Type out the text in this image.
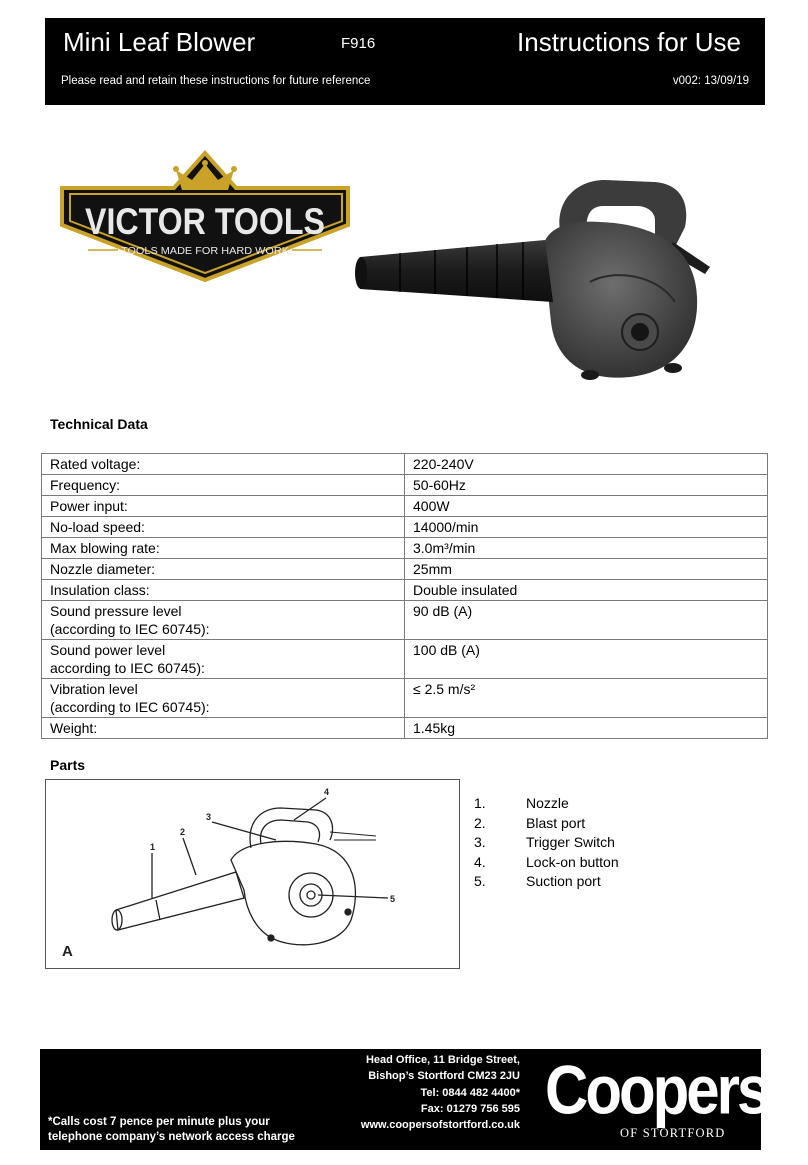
Mini Leaf Blower	F916	Instructions for Use
Please read and retain these instructions for future reference	v002: 13/09/19
VICTOR TOOLS
TOOLS MADE FOR HARD WORK
Technical Data
Rated voltage:	220-240V
Frequency:	50-60Hz
Power input:	400W
No-load speed:	14000/min
Max blowing rate:	3.0m³/min
Nozzle diameter:	25mm
Insulation class:	Double insulated

Sound pressure level
(according to IEC 60745):	90 dB (A)

Sound power level
according to IEC 60745):	100 dB (A)

Vibration level
(according to IEC 60745):	≤ 2.5 m/s²
Weight:	1.45kg
Parts
1
2
3
4
5
A
1.	Nozzle
2.	Blast port
3.	Trigger Switch
4.	Lock-on button
5.	Suction port
Head Office, 11 Bridge Street,
Bishop’s Stortford CM23 2JU
Tel: 0844 482 4400*
Fax: 01279 756 595
www.coopersofstortford.co.uk
*Calls cost 7 pence per minute plus your
telephone company’s network access charge
Coopers
OF STORTFORD
